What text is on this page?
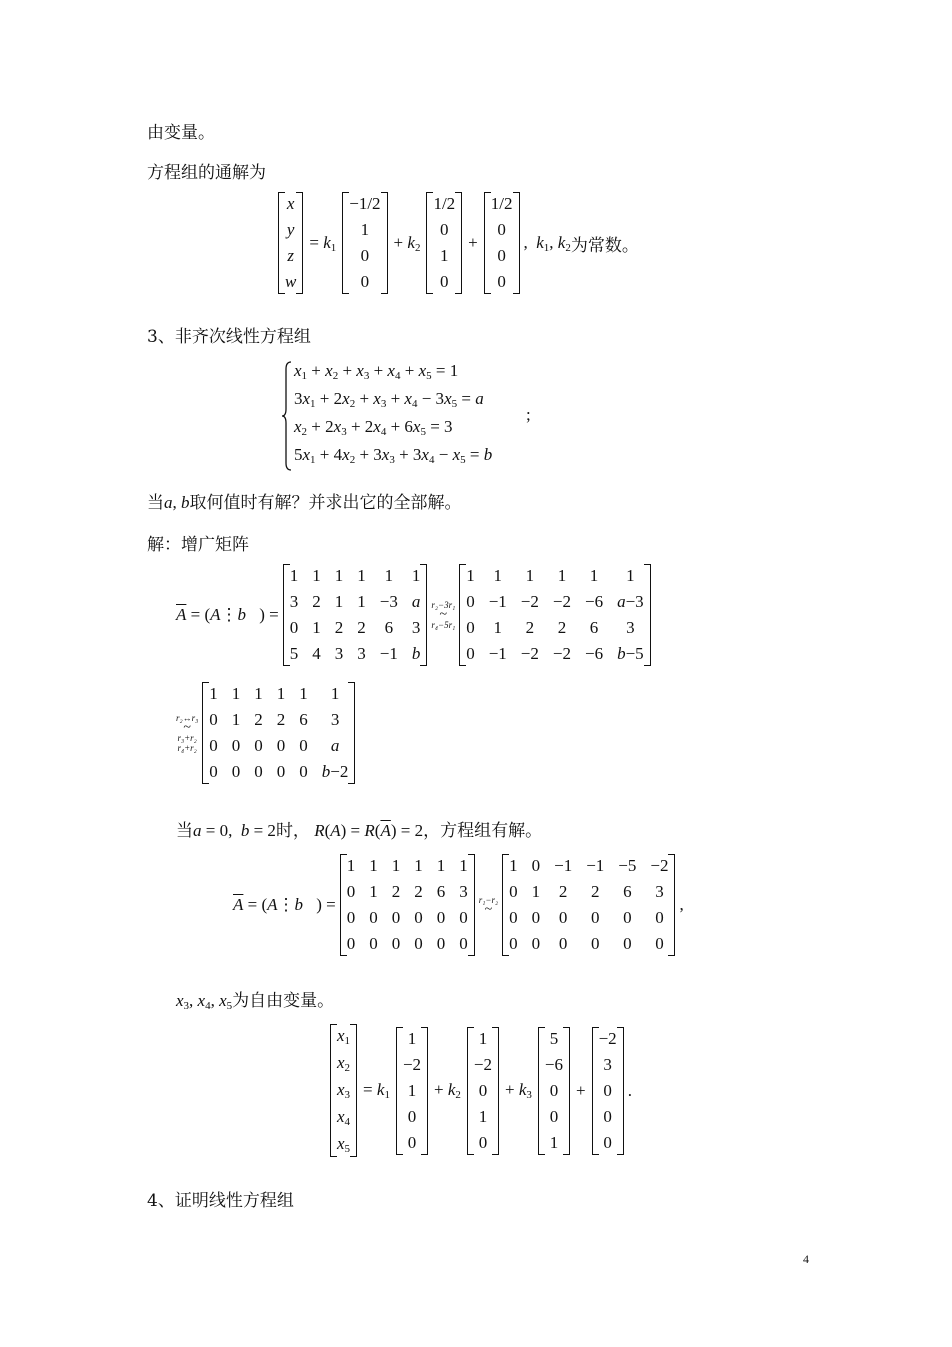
由变量。
方程组的通解为
x
y
z
w
= $k_1$
−1/2
1
0
0
+ $k_2$
1/2
0
1
0
+
1/2
0
0
0
,  $k_1$, $k_2$ 为常数。
3、非齐次线性方程组
$x_1 + x_2 + x_3 + x_4 + x_5 = 1$
$3x_1 + 2x_2 + x_3 + x_4 - 3x_5 = a$
$x_2 + 2x_3 + 2x_4 + 6x_5 = 3$
$5x_1 + 4x_2 + 3x_3 + 3x_4 - x_5 = b$
;
当a, b取何值时有解？并求出它的全部解。
解：增广矩阵
$\overline{A}$ = (A⋮b⃗) =
1 1 1 1 1 1
3 2 1 1 −3 a
0 1 2 2 6 3
5 4 3 3 −1 b
r₂−3r₁
~
r₄−5r₁
1 1 1 1 1	1
0 −1 −2 −2 −6 a−3
0 1 2 2 6	3
0 −1 −2 −2 −6 b−5
r₂↔r₃
~
r₃+r₂
r₄+r₂
1 1 1 1 1	1
0 1 2 2 6	3
0 0 0 0 0	a
0 0 0 0 0 b−2
当a = 0,  b = 2时， $R(A) = R(\overline{A}) = 2$，方程组有解。
$\overline{A}$ = (A⋮b⃗) =
1 1 1 1 1 1
0 1 2 2 6 3
0 0 0 0 0 0
0 0 0 0 0 0
r₁−r₂
~
1 0 −1 −1 −5 −2
0 1 2 2 6 3
0 0 0 0 0 0
0 0 0 0 0 0
,
$x_3$, $x_4$, $x_5$为自由变量。
$x_1$
$x_2$
$x_3$
$x_4$
$x_5$
= $k_1$
1
−2
1
0
0
+ $k_2$
1
−2
0
1
0
+ $k_3$
5
−6
0
0
1
+
−2
3
0
0
0
.
4、证明线性方程组
4
